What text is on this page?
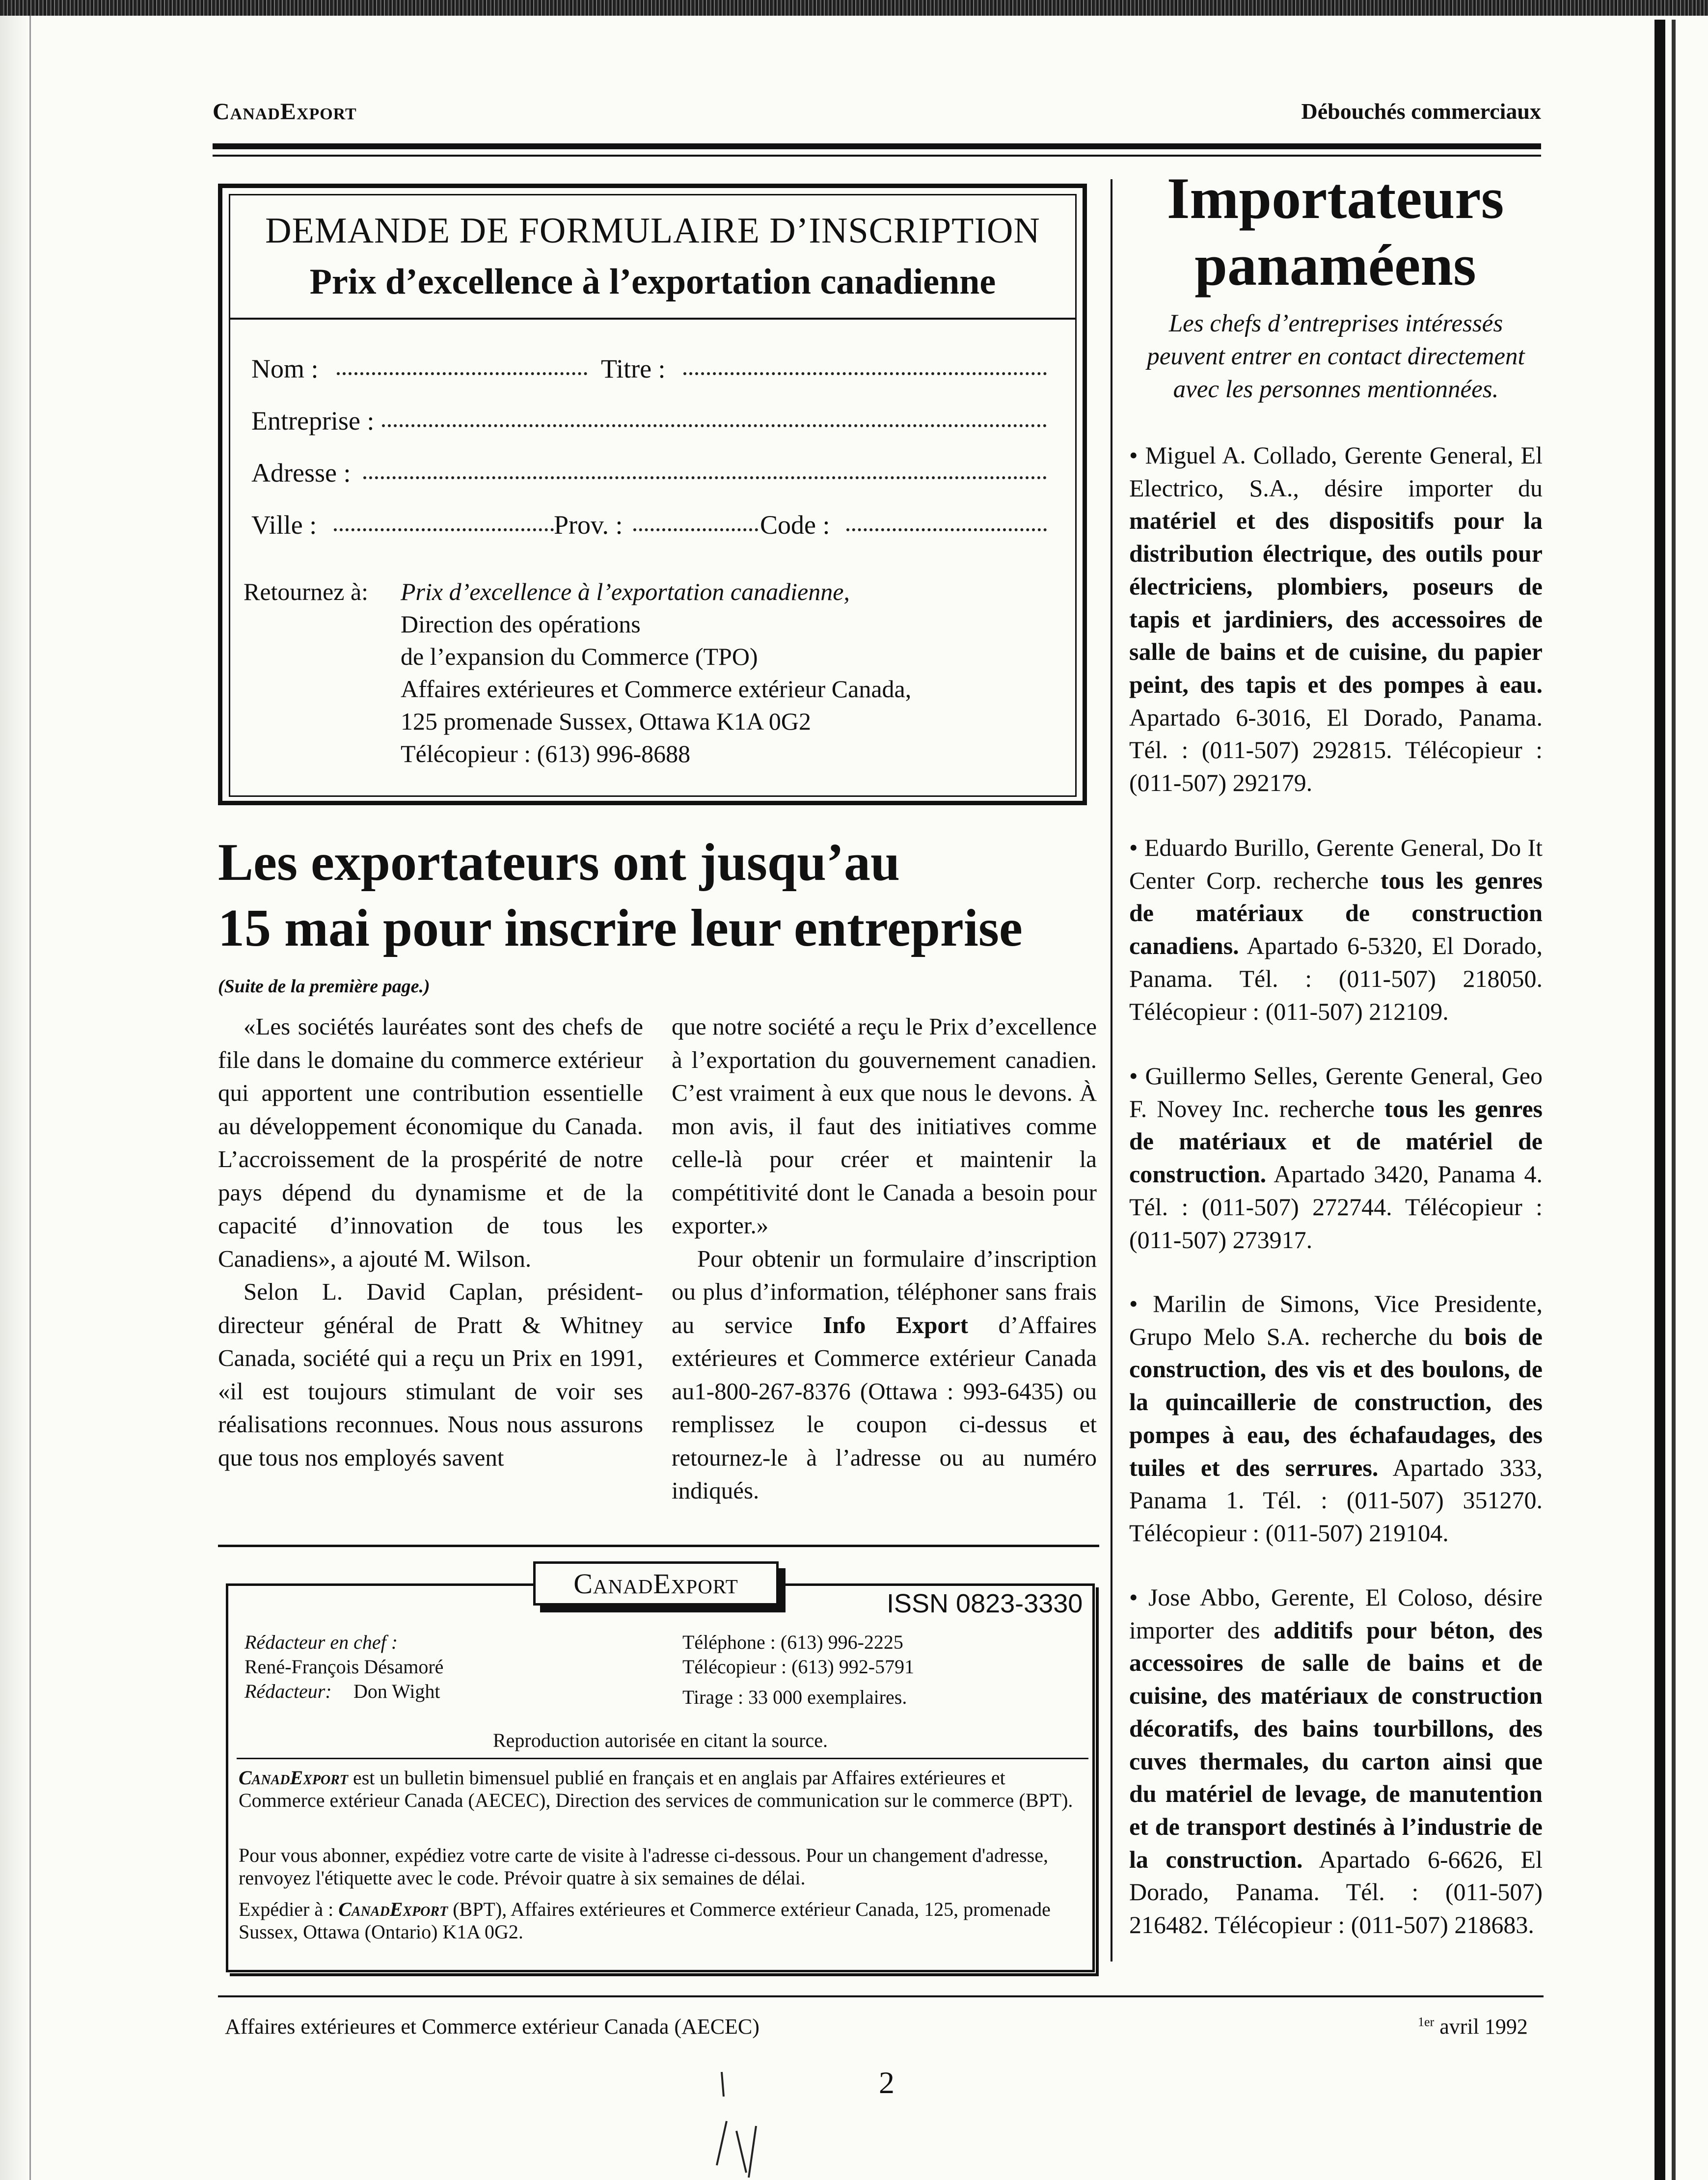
CanadExport	Débouchés commerciaux
DEMANDE DE FORMULAIRE D’INSCRIPTION
Prix d’excellence à l’exportation canadienne
Nom :	Titre :
Entreprise :
Adresse :
Ville :	Prov. :	Code :
Retournez à: Prix d’excellence à l’exportation canadienne,
Direction des opérations
de l’expansion du Commerce (TPO)
Affaires extérieures et Commerce extérieur Canada,
125 promenade Sussex, Ottawa K1A 0G2
Télécopieur : (613) 996-8688
Les exportateurs ont jusqu’au
15 mai pour inscrire leur entreprise
(Suite de la première page.)

«Les sociétés lauréates sont des chefs de file dans le domaine du commerce extérieur qui apportent une contribution essentielle au développement économique du Canada. L’accroissement de la prospérité de notre pays dépend du dynamisme et de la capacité d’innovation de tous les Canadiens», a ajouté M. Wilson.

Selon L. David Caplan, président-directeur général de Pratt & Whitney Canada, société qui a reçu un Prix en 1991, «il est toujours stimulant de voir ses réalisations reconnues. Nous nous assurons que tous nos employés savent

que notre société a reçu le Prix d’excellence à l’exportation du gouvernement canadien. C’est vraiment à eux que nous le devons. À mon avis, il faut des initiatives comme celle-là pour créer et maintenir la compétitivité dont le Canada a besoin pour exporter.»

Pour obtenir un formulaire d’inscription ou plus d’information, téléphoner sans frais au service Info Export d’Affaires extérieures et Commerce extérieur Canada au1-800-267-8376 (Ottawa : 993-6435) ou remplissez le coupon ci-dessus et retournez-le à l’adresse ou au numéro indiqués.

Importateurs panaméens
Les chefs d’entreprises intéressés peuvent entrer en contact directement avec les personnes mentionnées.
• Miguel A. Collado, Gerente General, El Electrico, S.A., désire importer du matériel et des dispositifs pour la distribution électrique, des outils pour électriciens, plombiers, poseurs de tapis et jardiniers, des accessoires de salle de bains et de cuisine, du papier peint, des tapis et des pompes à eau. Apartado 6-3016, El Dorado, Panama. Tél. : (011-507) 292815. Télécopieur : (011-507) 292179.
• Eduardo Burillo, Gerente General, Do It Center Corp. recherche tous les genres de matériaux de construction canadiens. Apartado 6-5320, El Dorado, Panama. Tél. : (011-507) 218050. Télécopieur : (011-507) 212109.
• Guillermo Selles, Gerente General, Geo F. Novey Inc. recherche tous les genres de matériaux et de matériel de construction. Apartado 3420, Panama 4. Tél. : (011-507) 272744. Télécopieur : (011-507) 273917.
• Marilin de Simons, Vice Presidente, Grupo Melo S.A. recherche du bois de construction, des vis et des boulons, de la quincaillerie de construction, des pompes à eau, des échafaudages, des tuiles et des serrures. Apartado 333, Panama 1. Tél. : (011-507) 351270. Télécopieur : (011-507) 219104.
• Jose Abbo, Gerente, El Coloso, désire importer des additifs pour béton, des accessoires de salle de bains et de cuisine, des matériaux de construction décoratifs, des bains tourbillons, des cuves thermales, du carton ainsi que du matériel de levage, de manutention et de transport destinés à l’industrie de la construction. Apartado 6-6626, El Dorado, Panama. Tél. : (011-507) 216482. Télécopieur : (011-507) 218683.
CanadExport
ISSN 0823-3330
Rédacteur en chef :
René-François Désamoré
Rédacteur: Don Wight
Téléphone : (613) 996-2225
Télécopieur : (613) 992-5791
Tirage : 33 000 exemplaires.
Reproduction autorisée en citant la source.
CanadExport est un bulletin bimensuel publié en français et en anglais par Affaires extérieures et Commerce extérieur Canada (AECEC), Direction des services de communication sur le commerce (BPT).
Pour vous abonner, expédiez votre carte de visite à l'adresse ci-dessous. Pour un changement d'adresse, renvoyez l'étiquette avec le code. Prévoir quatre à six semaines de délai.
Expédier à : CanadExport (BPT), Affaires extérieures et Commerce extérieur Canada, 125, promenade Sussex, Ottawa (Ontario) K1A 0G2.
Affaires extérieures et Commerce extérieur Canada (AECEC)	$^{1er}$ avril 1992
2
